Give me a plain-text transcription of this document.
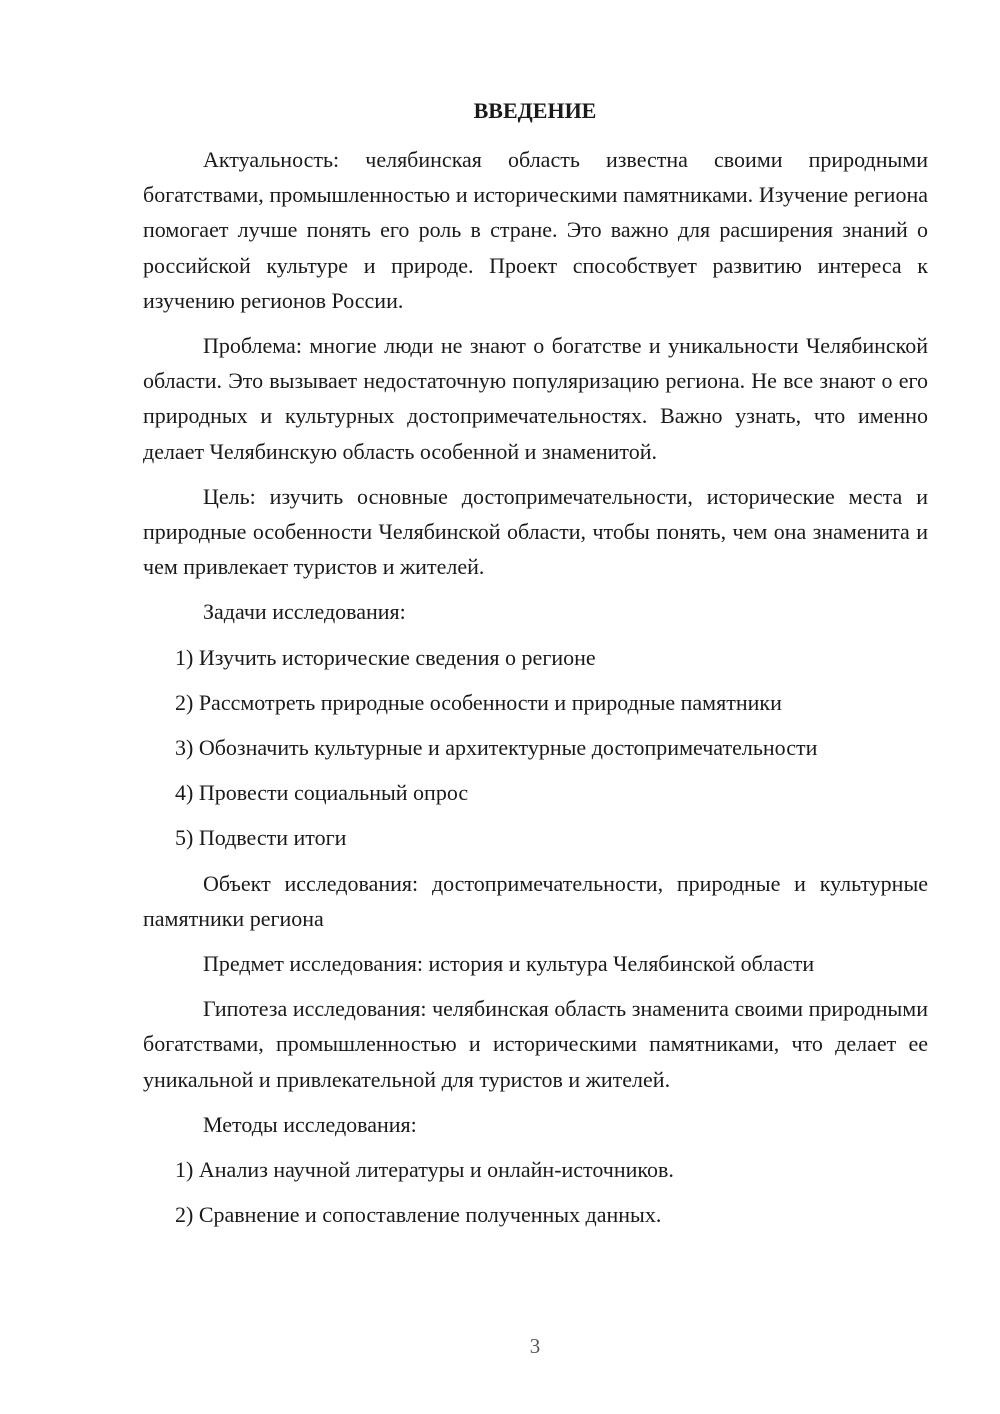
ВВЕДЕНИЕ

Актуальность: челябинская область известна своими природными богатствами, промышленностью и историческими памятниками. Изучение региона помогает лучше понять его роль в стране. Это важно для расширения знаний о российской культуре и природе. Проект способствует развитию интереса к изучению регионов России.

Проблема: многие люди не знают о богатстве и уникальности Челябинской области. Это вызывает недостаточную популяризацию региона. Не все знают о его природных и культурных достопримечательностях. Важно узнать, что именно делает Челябинскую область особенной и знаменитой.

Цель: изучить основные достопримечательности, исторические места и природные особенности Челябинской области, чтобы понять, чем она знаменита и чем привлекает туристов и жителей.

Задачи исследования:

1) Изучить исторические сведения о регионе

2) Рассмотреть природные особенности и природные памятники

3) Обозначить культурные и архитектурные достопримечательности

4) Провести социальный опрос

5) Подвести итоги

Объект исследования: достопримечательности, природные и культурные памятники региона

Предмет исследования: история и культура Челябинской области

Гипотеза исследования: челябинская область знаменита своими природными богатствами, промышленностью и историческими памятниками, что делает ее уникальной и привлекательной для туристов и жителей.

Методы исследования:

1) Анализ научной литературы и онлайн-источников.

2) Сравнение и сопоставление полученных данных.

3
